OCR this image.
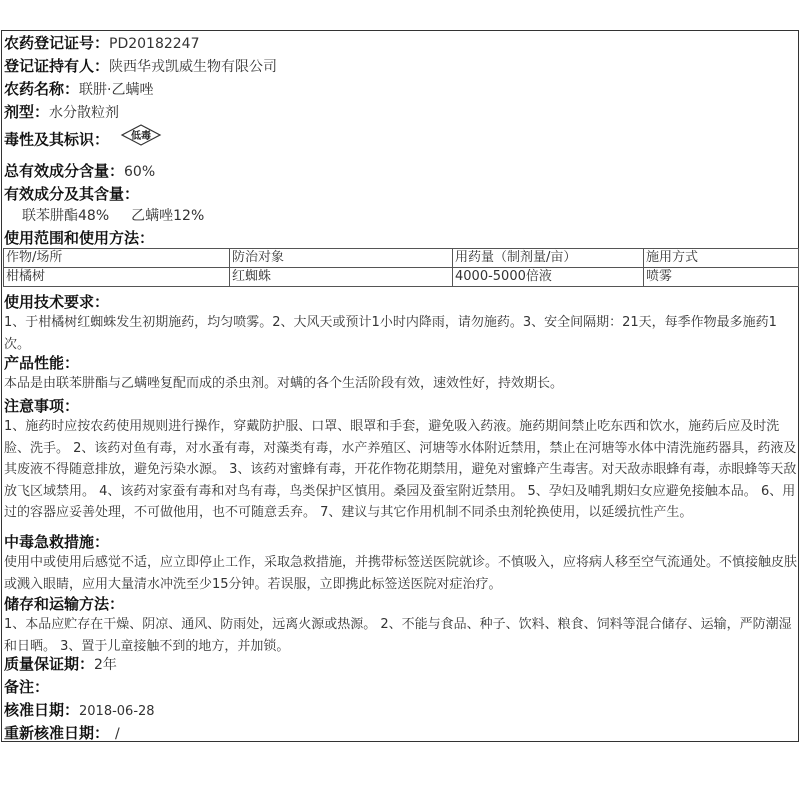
农药登记证号：PD20182247
登记证持有人：陕西华戎凯威生物有限公司
农药名称：联肼·乙螨唑
剂型：水分散粒剂
毒性及其标识： 低毒
总有效成分含量：60%
有效成分及其含量：
联苯肼酯48% 乙螨唑12%
使用范围和使用方法：
作物/场所	防治对象	用药量（制剂量/亩）	施用方式
柑橘树	红蜘蛛	4000-5000倍液	喷雾
使用技术要求：
1、于柑橘树红蜘蛛发生初期施药，均匀喷雾。2、大风天或预计1小时内降雨，请勿施药。3、安全间隔期：21天，每季作物最多施药1次。
产品性能：
本品是由联苯肼酯与乙螨唑复配而成的杀虫剂。对螨的各个生活阶段有效，速效性好，持效期长。
注意事项：
1、施药时应按农药使用规则进行操作，穿戴防护服、口罩、眼罩和手套，避免吸入药液。施药期间禁止吃东西和饮水，施药后应及时洗脸、洗手。 2、该药对鱼有毒，对水蚤有毒，对藻类有毒，水产养殖区、河塘等水体附近禁用，禁止在河塘等水体中清洗施药器具，药液及其废液不得随意排放，避免污染水源。 3、该药对蜜蜂有毒，开花作物花期禁用，避免对蜜蜂产生毒害。对天敌赤眼蜂有毒，赤眼蜂等天敌放飞区域禁用。 4、该药对家蚕有毒和对鸟有毒，鸟类保护区慎用。桑园及蚕室附近禁用。 5、孕妇及哺乳期妇女应避免接触本品。 6、用过的容器应妥善处理，不可做他用，也不可随意丢弃。 7、建议与其它作用机制不同杀虫剂轮换使用，以延缓抗性产生。
中毒急救措施：
使用中或使用后感觉不适，应立即停止工作，采取急救措施，并携带标签送医院就诊。不慎吸入，应将病人移至空气流通处。不慎接触皮肤或溅入眼睛，应用大量清水冲洗至少15分钟。若误服，立即携此标签送医院对症治疗。
储存和运输方法：
1、本品应贮存在干燥、阴凉、通风、防雨处，远离火源或热源。 2、不能与食品、种子、饮料、粮食、饲料等混合储存、运输，严防潮湿和日晒。 3、置于儿童接触不到的地方，并加锁。
质量保证期：2年
备注：
核准日期：2018-06-28
重新核准日期： /
